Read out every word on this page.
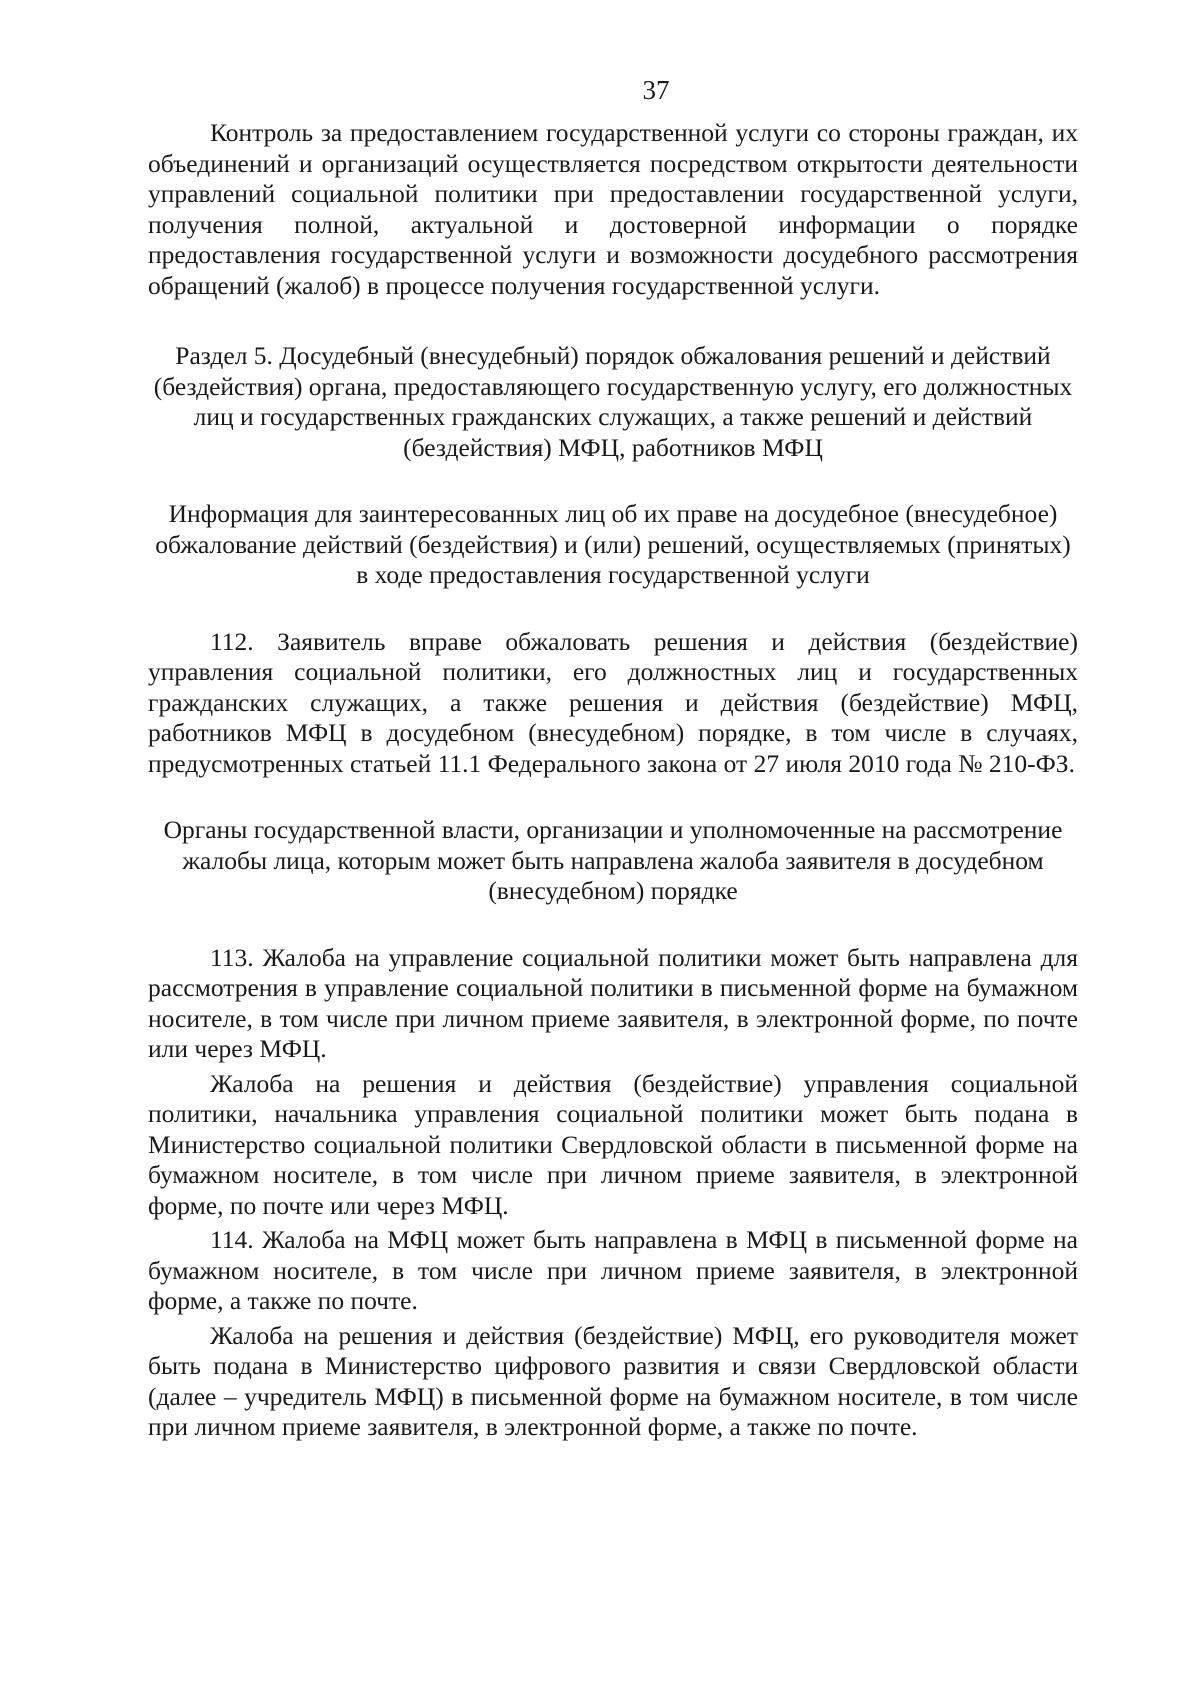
37

Контроль за предоставлением государственной услуги со стороны граждан, их объединений и организаций осуществляется посредством открытости деятельности управлений социальной политики при предоставлении государственной услуги, получения полной, актуальной и достоверной информации о порядке предоставления государственной услуги и возможности досудебного рассмотрения обращений (жалоб) в процессе получения государственной услуги.

Раздел 5. Досудебный (внесудебный) порядок обжалования решений и действий (бездействия) органа, предоставляющего государственную услугу, его должностных лиц и государственных гражданских служащих, а также решений и действий (бездействия) МФЦ, работников МФЦ

Информация для заинтересованных лиц об их праве на досудебное (внесудебное) обжалование действий (бездействия) и (или) решений, осуществляемых (принятых) в ходе предоставления государственной услуги

112. Заявитель вправе обжаловать решения и действия (бездействие) управления социальной политики, его должностных лиц и государственных гражданских служащих, а также решения и действия (бездействие) МФЦ, работников МФЦ в досудебном (внесудебном) порядке, в том числе в случаях, предусмотренных статьей 11.1 Федерального закона от 27 июля 2010 года № 210-ФЗ.

Органы государственной власти, организации и уполномоченные на рассмотрение жалобы лица, которым может быть направлена жалоба заявителя в досудебном (внесудебном) порядке

113. Жалоба на управление социальной политики может быть направлена для рассмотрения в управление социальной политики в письменной форме на бумажном носителе, в том числе при личном приеме заявителя, в электронной форме, по почте или через МФЦ.

Жалоба на решения и действия (бездействие) управления социальной политики, начальника управления социальной политики может быть подана в Министерство социальной политики Свердловской области в письменной форме на бумажном носителе, в том числе при личном приеме заявителя, в электронной форме, по почте или через МФЦ.

114. Жалоба на МФЦ может быть направлена в МФЦ в письменной форме на бумажном носителе, в том числе при личном приеме заявителя, в электронной форме, а также по почте.

Жалоба на решения и действия (бездействие) МФЦ, его руководителя может быть подана в Министерство цифрового развития и связи Свердловской области (далее – учредитель МФЦ) в письменной форме на бумажном носителе, в том числе при личном приеме заявителя, в электронной форме, а также по почте.
